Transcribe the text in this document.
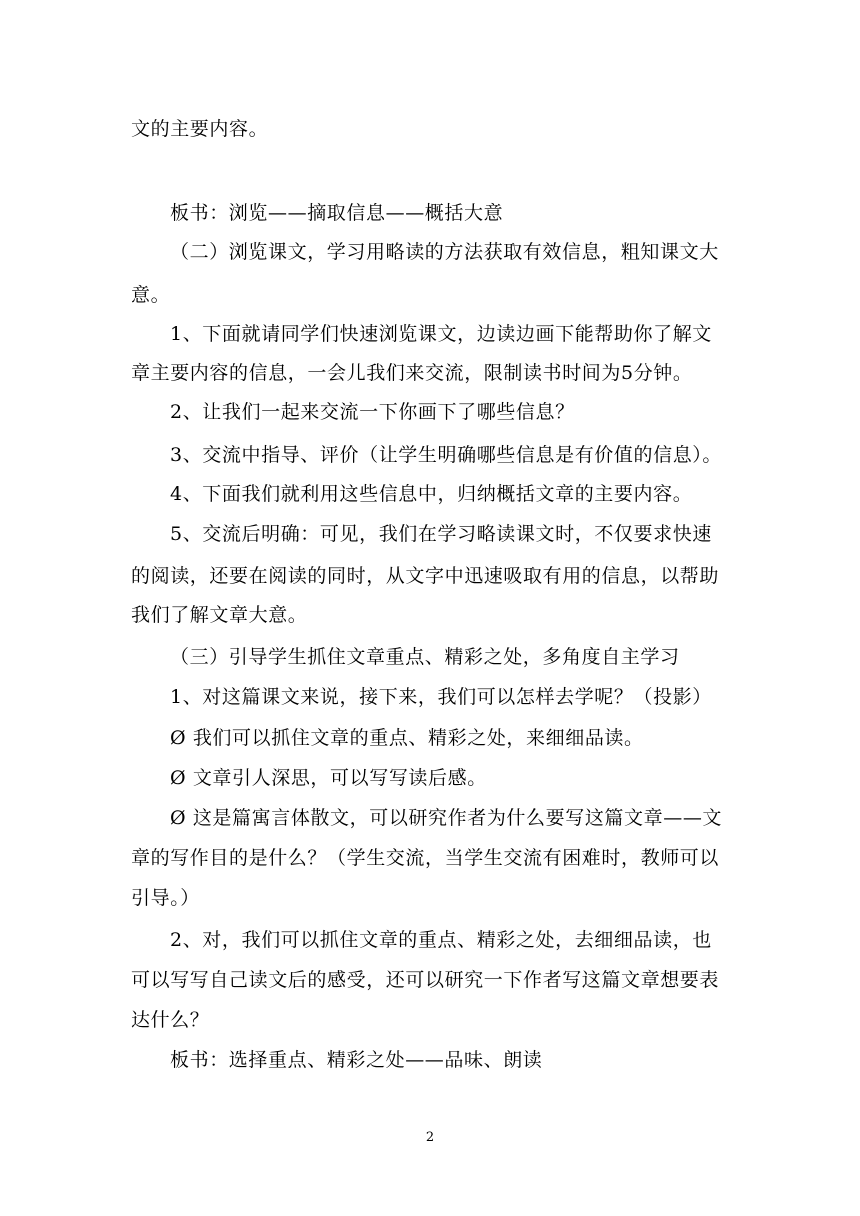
文的主要内容。
板书：浏览——摘取信息——概括大意
（二）浏览课文，学习用略读的方法获取有效信息，粗知课文大
意。
1、下面就请同学们快速浏览课文，边读边画下能帮助你了解文
章主要内容的信息，一会儿我们来交流，限制读书时间为5分钟。
2、让我们一起来交流一下你画下了哪些信息？
3、交流中指导、评价（让学生明确哪些信息是有价值的信息）。
4、下面我们就利用这些信息中，归纳概括文章的主要内容。
5、交流后明确：可见，我们在学习略读课文时，不仅要求快速
的阅读，还要在阅读的同时，从文字中迅速吸取有用的信息，以帮助
我们了解文章大意。
（三）引导学生抓住文章重点、精彩之处，多角度自主学习
1、对这篇课文来说，接下来，我们可以怎样去学呢？（投影）
Ø 我们可以抓住文章的重点、精彩之处，来细细品读。
Ø 文章引人深思，可以写写读后感。
Ø 这是篇寓言体散文，可以研究作者为什么要写这篇文章——文
章的写作目的是什么？（学生交流，当学生交流有困难时，教师可以
引导。）
2、对，我们可以抓住文章的重点、精彩之处，去细细品读，也
可以写写自己读文后的感受，还可以研究一下作者写这篇文章想要表
达什么？
板书：选择重点、精彩之处——品味、朗读
2
